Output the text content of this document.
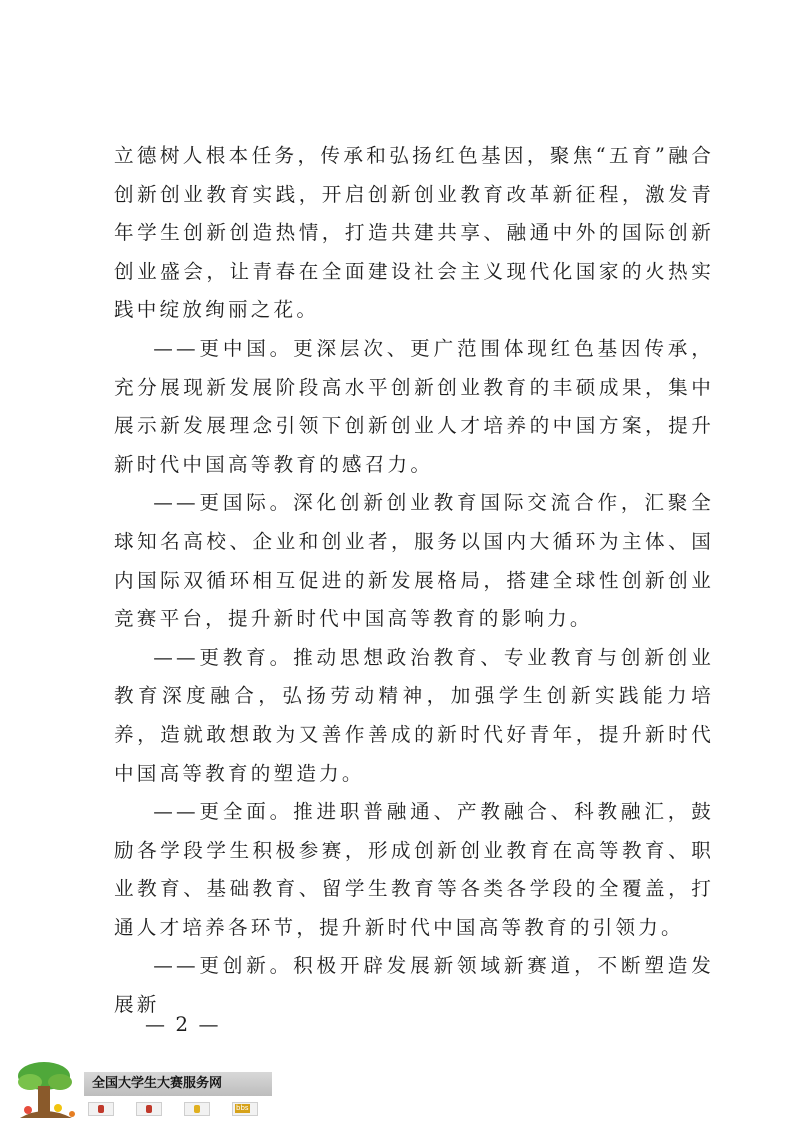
立德树人根本任务，传承和弘扬红色基因，聚焦“五育”融合创新创业教育实践，开启创新创业教育改革新征程，激发青年学生创新创造热情，打造共建共享、融通中外的国际创新创业盛会，让青春在全面建设社会主义现代化国家的火热实践中绽放绚丽之花。

——更中国。更深层次、更广范围体现红色基因传承，充分展现新发展阶段高水平创新创业教育的丰硕成果，集中展示新发展理念引领下创新创业人才培养的中国方案，提升新时代中国高等教育的感召力。

——更国际。深化创新创业教育国际交流合作，汇聚全球知名高校、企业和创业者，服务以国内大循环为主体、国内国际双循环相互促进的新发展格局，搭建全球性创新创业竞赛平台，提升新时代中国高等教育的影响力。

——更教育。推动思想政治教育、专业教育与创新创业教育深度融合，弘扬劳动精神，加强学生创新实践能力培养，造就敢想敢为又善作善成的新时代好青年，提升新时代中国高等教育的塑造力。

——更全面。推进职普融通、产教融合、科教融汇，鼓励各学段学生积极参赛，形成创新创业教育在高等教育、职业教育、基础教育、留学生教育等各类各学段的全覆盖，打通人才培养各环节，提升新时代中国高等教育的引领力。

——更创新。积极开辟发展新领域新赛道，不断塑造发展新

— 2 —
全国大学生大赛服务网
bbs
